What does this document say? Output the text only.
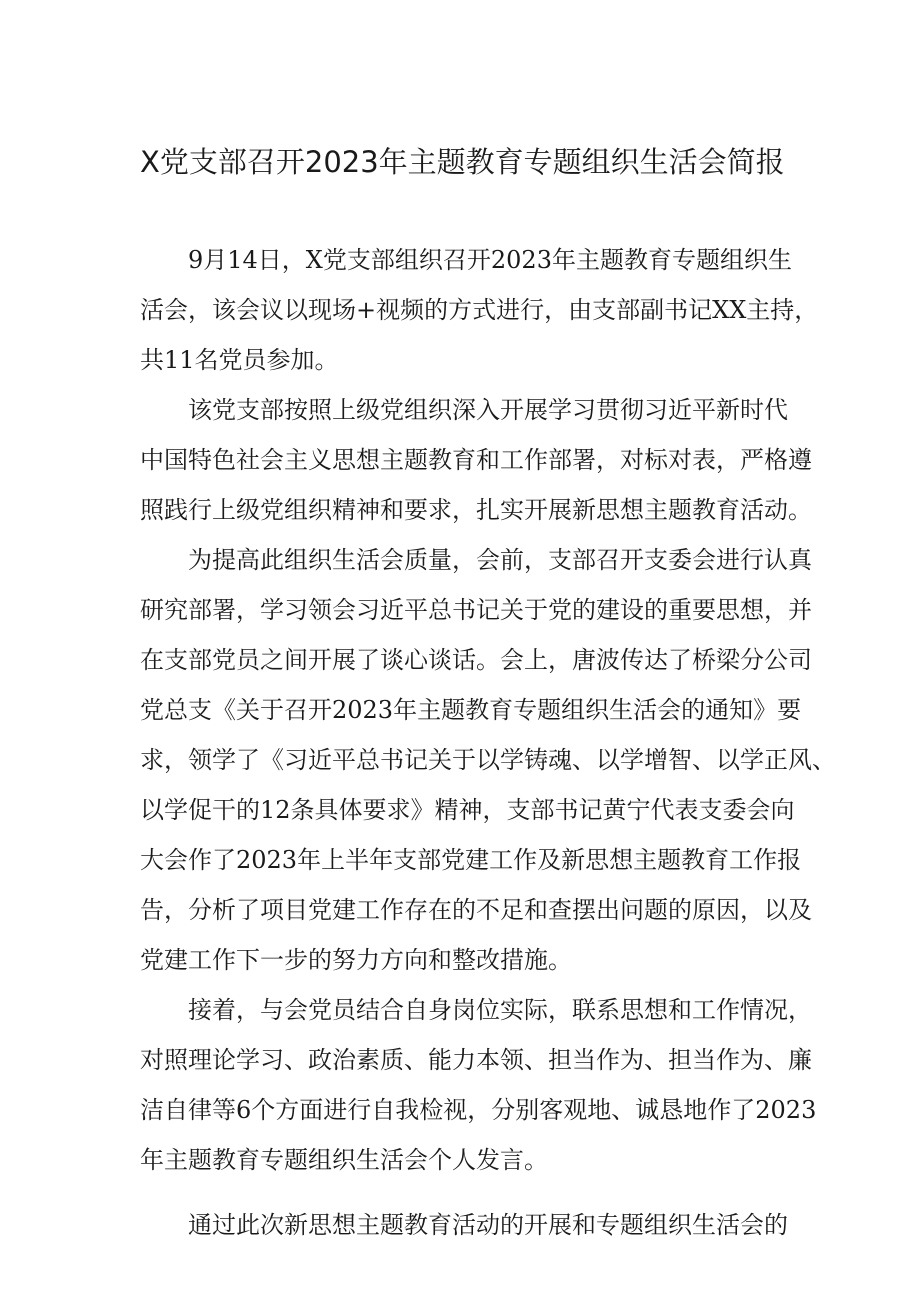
X党支部召开2023年主题教育专题组织生活会简报

9月14日，X党支部组织召开2023年主题教育专题组织生

活会，该会议以现场+视频的方式进行，由支部副书记XX主持，

共11名党员参加。

该党支部按照上级党组织深入开展学习贯彻习近平新时代

中国特色社会主义思想主题教育和工作部署，对标对表，严格遵

照践行上级党组织精神和要求，扎实开展新思想主题教育活动。

为提高此组织生活会质量，会前，支部召开支委会进行认真

研究部署，学习领会习近平总书记关于党的建设的重要思想，并

在支部党员之间开展了谈心谈话。会上，唐波传达了桥梁分公司

党总支《关于召开2023年主题教育专题组织生活会的通知》要

求，领学了《习近平总书记关于以学铸魂、以学增智、以学正风、

以学促干的12条具体要求》精神，支部书记黄宁代表支委会向

大会作了2023年上半年支部党建工作及新思想主题教育工作报

告，分析了项目党建工作存在的不足和查摆出问题的原因，以及

党建工作下一步的努力方向和整改措施。

接着，与会党员结合自身岗位实际，联系思想和工作情况，

对照理论学习、政治素质、能力本领、担当作为、担当作为、廉

洁自律等6个方面进行自我检视，分别客观地、诚恳地作了2023

年主题教育专题组织生活会个人发言。

通过此次新思想主题教育活动的开展和专题组织生活会的
